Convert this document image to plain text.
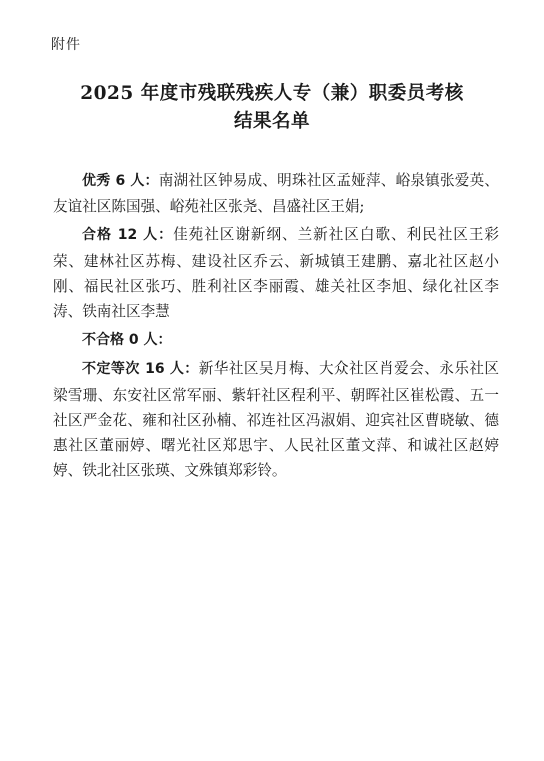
附件
2025 年度市残联残疾人专（兼）职委员考核
结果名单

优秀 6 人：南湖社区钟易成、明珠社区孟娅萍、峪泉镇张爱英、友谊社区陈国强、峪苑社区张尧、昌盛社区王娟;

合格 12 人：佳苑社区谢新纲、兰新社区白歌、利民社区王彩荣、建林社区苏梅、建设社区乔云、新城镇王建鹏、嘉北社区赵小刚、福民社区张巧、胜利社区李丽霞、雄关社区李旭、绿化社区李涛、铁南社区李慧

不合格 0 人：

不定等次 16 人：新华社区吴月梅、大众社区肖爱会、永乐社区梁雪珊、东安社区常军丽、紫轩社区程利平、朝晖社区崔松霞、五一社区严金花、雍和社区孙楠、祁连社区冯淑娟、迎宾社区曹晓敏、德惠社区董丽婷、曙光社区郑思宇、人民社区董文萍、和诚社区赵婷婷、铁北社区张瑛、文殊镇郑彩铃。
